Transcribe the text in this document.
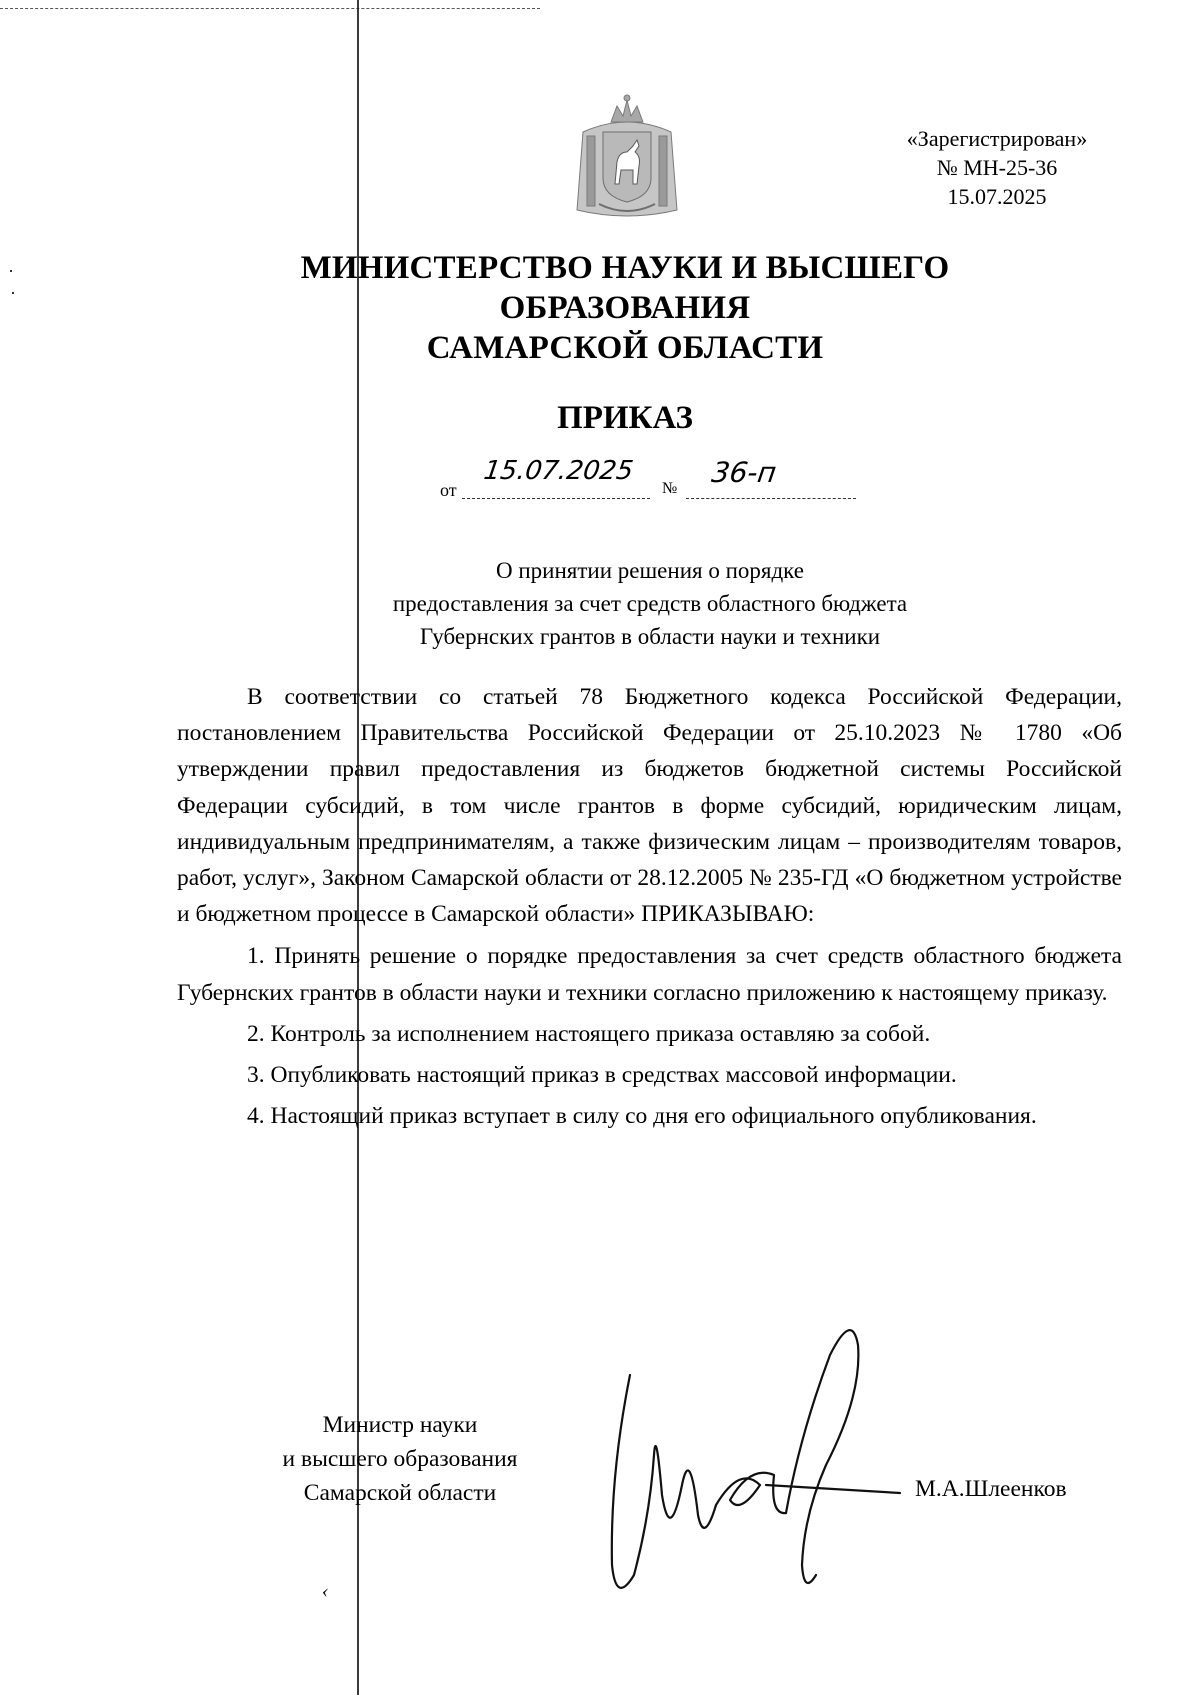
«Зарегистрирован»
№ МН-25-36
15.07.2025
МИНИСТЕРСТВО НАУКИ И ВЫСШЕГО
ОБРАЗОВАНИЯ
САМАРСКОЙ ОБЛАСТИ
ПРИКАЗ
от
15.07.2025
№ 36-п
О принятии решения о порядке
предоставления за счет средств областного бюджета
Губернских грантов в области науки и техники

В соответствии со статьей 78 Бюджетного кодекса Российской Федерации, постановлением Правительства Российской Федерации от 25.10.2023 № 1780 «Об утверждении правил предоставления из бюджетов бюджетной системы Российской Федерации субсидий, в том числе грантов в форме субсидий, юридическим лицам, индивидуальным предпринимателям, а также физическим лицам – производителям товаров, работ, услуг», Законом Самарской области от 28.12.2005 № 235-ГД «О бюджетном устройстве и бюджетном процессе в Самарской области» ПРИКАЗЫВАЮ:

1. Принять решение о порядке предоставления за счет средств областного бюджета Губернских грантов в области науки и техники согласно приложению к настоящему приказу.

2. Контроль за исполнением настоящего приказа оставляю за собой.

3. Опубликовать настоящий приказ в средствах массовой информации.

4. Настоящий приказ вступает в силу со дня его официального опубликования.

Министр науки
и высшего образования
Самарской области	М.А.Шлеенков
‹
